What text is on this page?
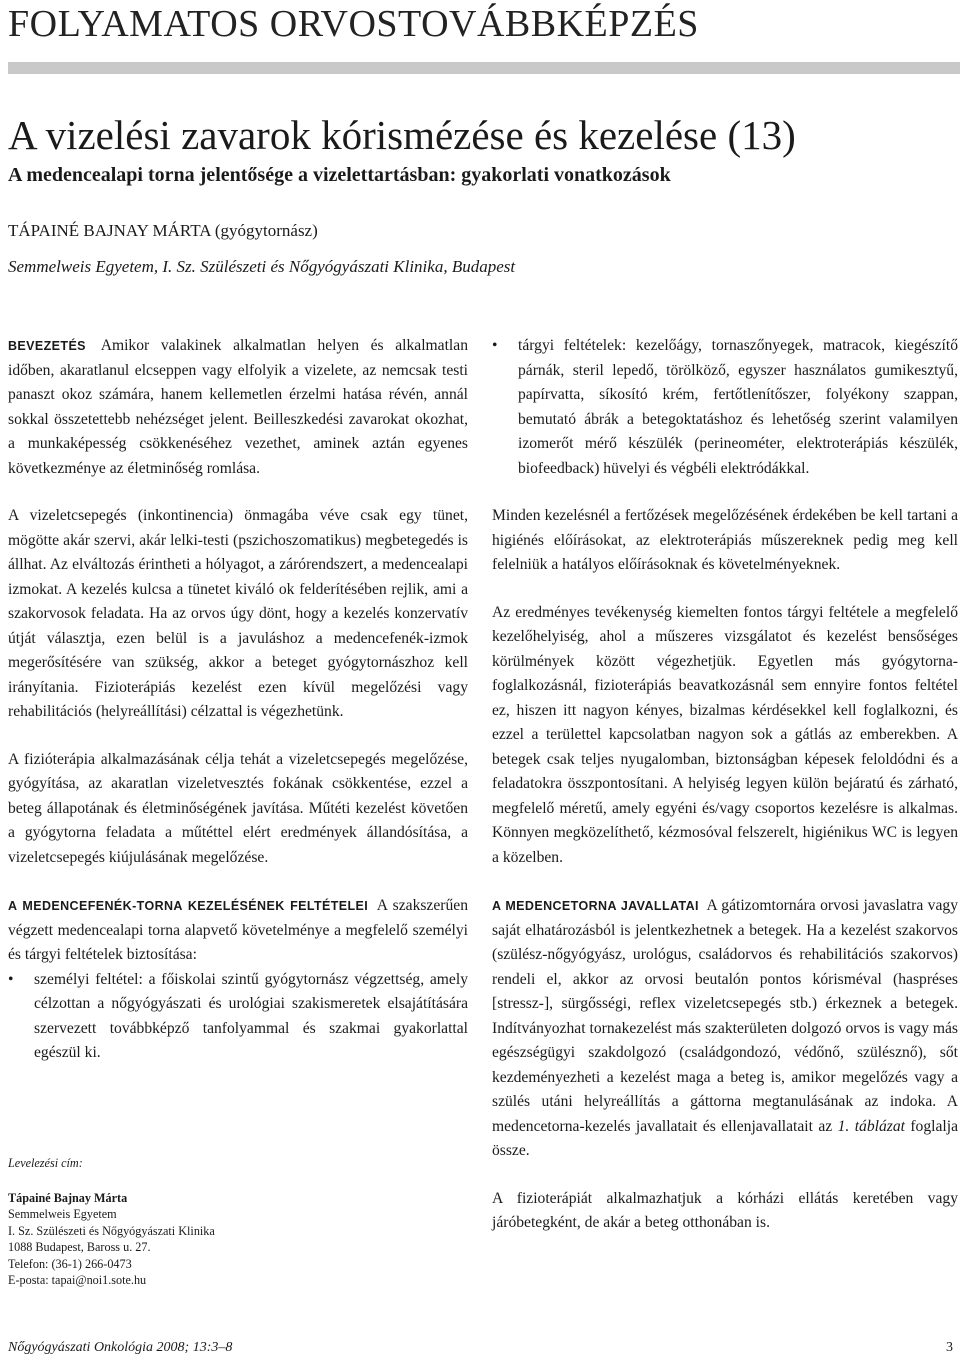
FOLYAMATOS ORVOSTOVÁBBKÉPZÉS
A vizelési zavarok kórismézése és kezelése (13)
A medencealapi torna jelentősége a vizelettartásban: gyakorlati vonatkozások
TÁPAINÉ BAJNAY MÁRTA (gyógytornász)
Semmelweis Egyetem, I. Sz. Szülészeti és Nőgyógyászati Klinika, Budapest

BEVEZETÉS Amikor valakinek alkalmatlan helyen és alkalmatlan időben, akaratlanul elcseppen vagy elfolyik a vizelete, az nemcsak testi panaszt okoz számára, hanem kellemetlen érzelmi hatása révén, annál sokkal összetettebb nehézséget jelent. Beilleszkedési zavarokat okozhat, a munkaképesség csökkenéséhez vezethet, aminek aztán egyenes következménye az életminőség romlása.

A vizeletcsepegés (inkontinencia) önmagába véve csak egy tünet, mögötte akár szervi, akár lelki-testi (pszichoszomatikus) megbetegedés is állhat. Az elváltozás érintheti a hólyagot, a zárórendszert, a medencealapi izmokat. A kezelés kulcsa a tünetet kiváló ok felderítésében rejlik, ami a szakorvosok feladata. Ha az orvos úgy dönt, hogy a kezelés konzervatív útját választja, ezen belül is a javuláshoz a medencefenék-izmok megerősítésére van szükség, akkor a beteget gyógytornászhoz kell irányítania. Fizioterápiás kezelést ezen kívül megelőzési vagy rehabilitációs (helyreállítási) célzattal is végezhetünk.

A fizióterápia alkalmazásának célja tehát a vizeletcsepegés megelőzése, gyógyítása, az akaratlan vizeletvesztés fokának csökkentése, ezzel a beteg állapotának és életminőségének javítása. Műtéti kezelést követően a gyógytorna feladata a műtéttel elért eredmények állandósítása, a vizeletcsepegés kiújulásának megelőzése.

A MEDENCEFENÉK-TORNA KEZELÉSÉNEK FELTÉTELEI A szakszerűen végzett medencealapi torna alapvető követelménye a megfelelő személyi és tárgyi feltételek biztosítása:

• személyi feltétel: a főiskolai szintű gyógytornász végzettség, amely célzottan a nőgyógyászati és urológiai szakismeretek elsajátítására szervezett továbbképző tanfolyammal és szakmai gyakorlattal egészül ki.
Levelezési cím:
Tápainé Bajnay Márta
Semmelweis Egyetem
I. Sz. Szülészeti és Nőgyógyászati Klinika
1088 Budapest, Baross u. 27.
Telefon: (36-1) 266-0473
E-posta: tapai@noi1.sote.hu
• tárgyi feltételek: kezelőágy, tornaszőnyegek, matracok, kiegészítő párnák, steril lepedő, törölköző, egyszer használatos gumikesztyű, papírvatta, síkosító krém, fertőtlenítőszer, folyékony szappan, bemutató ábrák a betegoktatáshoz és lehetőség szerint valamilyen izomerőt mérő készülék (perineométer, elektroterápiás készülék, biofeedback) hüvelyi és végbéli elektródákkal.

Minden kezelésnél a fertőzések megelőzésének érdekében be kell tartani a higiénés előírásokat, az elektroterápiás műszereknek pedig meg kell felelniük a hatályos előírásoknak és követelményeknek.

Az eredményes tevékenység kiemelten fontos tárgyi feltétele a megfelelő kezelőhelyiség, ahol a műszeres vizsgálatot és kezelést bensőséges körülmények között végezhetjük. Egyetlen más gyógytorna-foglalkozásnál, fizioterápiás beavatkozásnál sem ennyire fontos feltétel ez, hiszen itt nagyon kényes, bizalmas kérdésekkel kell foglalkozni, és ezzel a területtel kapcsolatban nagyon sok a gátlás az emberekben. A betegek csak teljes nyugalomban, biztonságban képesek feloldódni és a feladatokra összpontosítani. A helyiség legyen külön bejáratú és zárható, megfelelő méretű, amely egyéni és/vagy csoportos kezelésre is alkalmas. Könnyen megközelíthető, kézmosóval felszerelt, higiénikus WC is legyen a közelben.

A MEDENCETORNA JAVALLATAI A gátizomtornára orvosi javaslatra vagy saját elhatározásból is jelentkezhetnek a betegek. Ha a kezelést szakorvos (szülész-nőgyógyász, urológus, családorvos és rehabilitációs szakorvos) rendeli el, akkor az orvosi beutalón pontos kórisméval (haspréses [stressz-], sürgősségi, reflex vizeletcsepegés stb.) érkeznek a betegek. Indítványozhat tornakezelést más szakterületen dolgozó orvos is vagy más egészségügyi szakdolgozó (családgondozó, védőnő, szülésznő), sőt kezdeményezheti a kezelést maga a beteg is, amikor megelőzés vagy a szülés utáni helyreállítás a gáttorna megtanulásának az indoka. A medencetorna-kezelés javallatait és ellenjavallatait az 1. táblázat foglalja össze.

A fizioterápiát alkalmazhatjuk a kórházi ellátás keretében vagy járóbetegként, de akár a beteg otthonában is.

Nőgyógyászati Onkológia 2008; 13:3–8	3
